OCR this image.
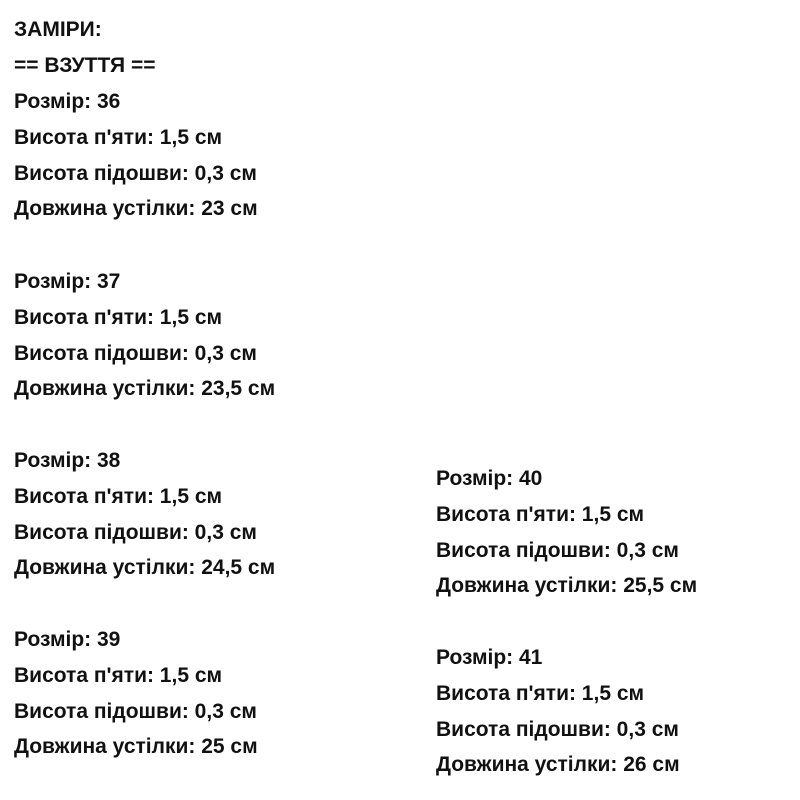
ЗАМІРИ:
== ВЗУТТЯ ==
Розмір: 36
Висота п'яти: 1,5 см
Висота підошви: 0,3 см
Довжина устілки: 23 см
Розмір: 37
Висота п'яти: 1,5 см
Висота підошви: 0,3 см
Довжина устілки: 23,5 см
Розмір: 38
Висота п'яти: 1,5 см
Висота підошви: 0,3 см
Довжина устілки: 24,5 см
Розмір: 39
Висота п'яти: 1,5 см
Висота підошви: 0,3 см
Довжина устілки: 25 см
Розмір: 40
Висота п'яти: 1,5 см
Висота підошви: 0,3 см
Довжина устілки: 25,5 см
Розмір: 41
Висота п'яти: 1,5 см
Висота підошви: 0,3 см
Довжина устілки: 26 см
